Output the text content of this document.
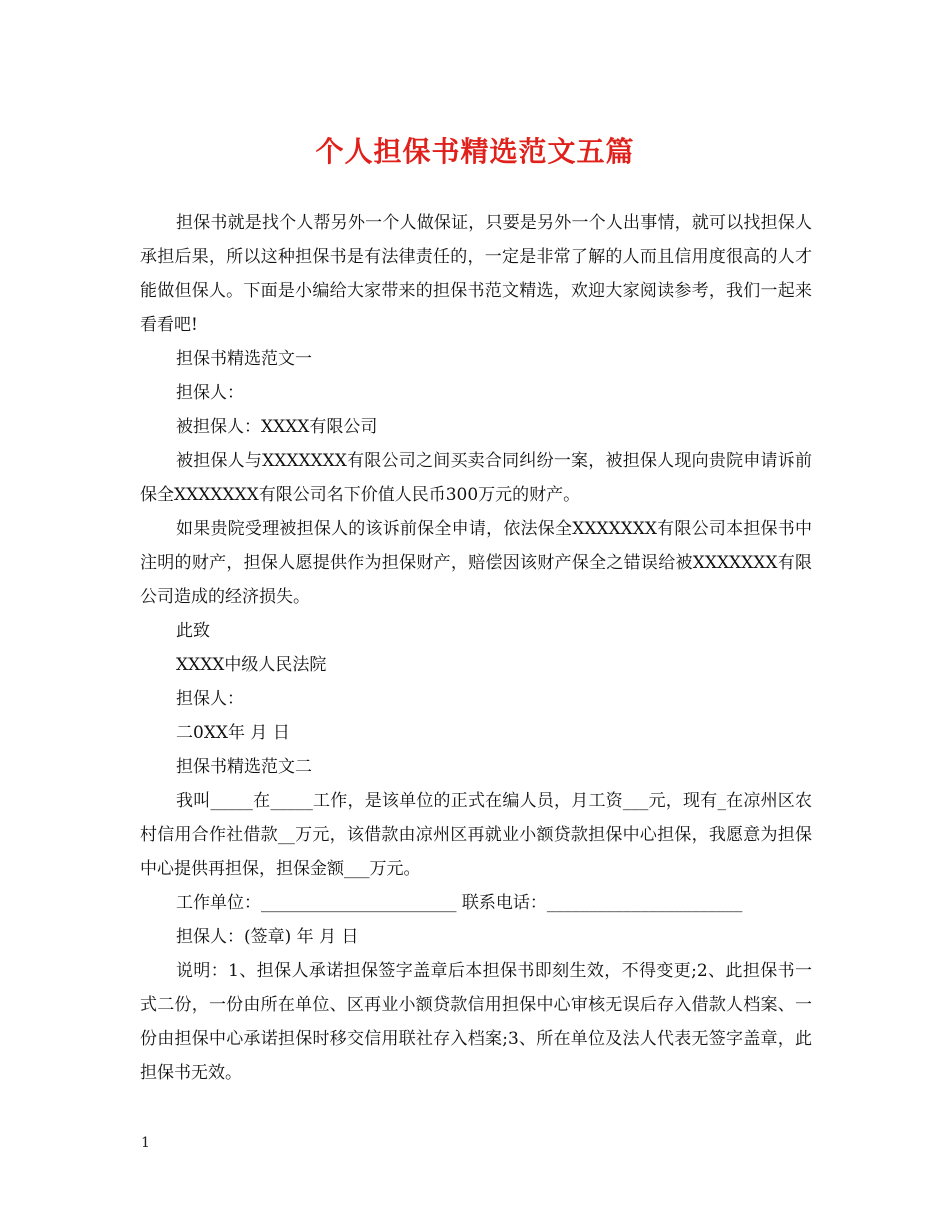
个人担保书精选范文五篇

担保书就是找个人帮另外一个人做保证，只要是另外一个人出事情，就可以找担保人承担后果，所以这种担保书是有法律责任的，一定是非常了解的人而且信用度很高的人才能做但保人。下面是小编给大家带来的担保书范文精选，欢迎大家阅读参考，我们一起来看看吧!

担保书精选范文一

担保人：

被担保人：XXXX有限公司

被担保人与XXXXXXX有限公司之间买卖合同纠纷一案，被担保人现向贵院申请诉前保全XXXXXXX有限公司名下价值人民币300万元的财产。

如果贵院受理被担保人的该诉前保全申请，依法保全XXXXXXX有限公司本担保书中注明的财产，担保人愿提供作为担保财产，赔偿因该财产保全之错误给被XXXXXXX有限公司造成的经济损失。

此致

XXXX中级人民法院

担保人：

二0XX年 月 日

担保书精选范文二

我叫_____在_____工作，是该单位的正式在编人员，月工资___元，现有_在凉州区农村信用合作社借款__万元，该借款由凉州区再就业小额贷款担保中心担保，我愿意为担保中心提供再担保，担保金额___万元。

工作单位：_______________________ 联系电话：_______________________

担保人：(签章) 年 月 日

说明：1、担保人承诺担保签字盖章后本担保书即刻生效，不得变更;2、此担保书一式二份，一份由所在单位、区再业小额贷款信用担保中心审核无误后存入借款人档案、一份由担保中心承诺担保时移交信用联社存入档案;3、所在单位及法人代表无签字盖章，此担保书无效。

1
